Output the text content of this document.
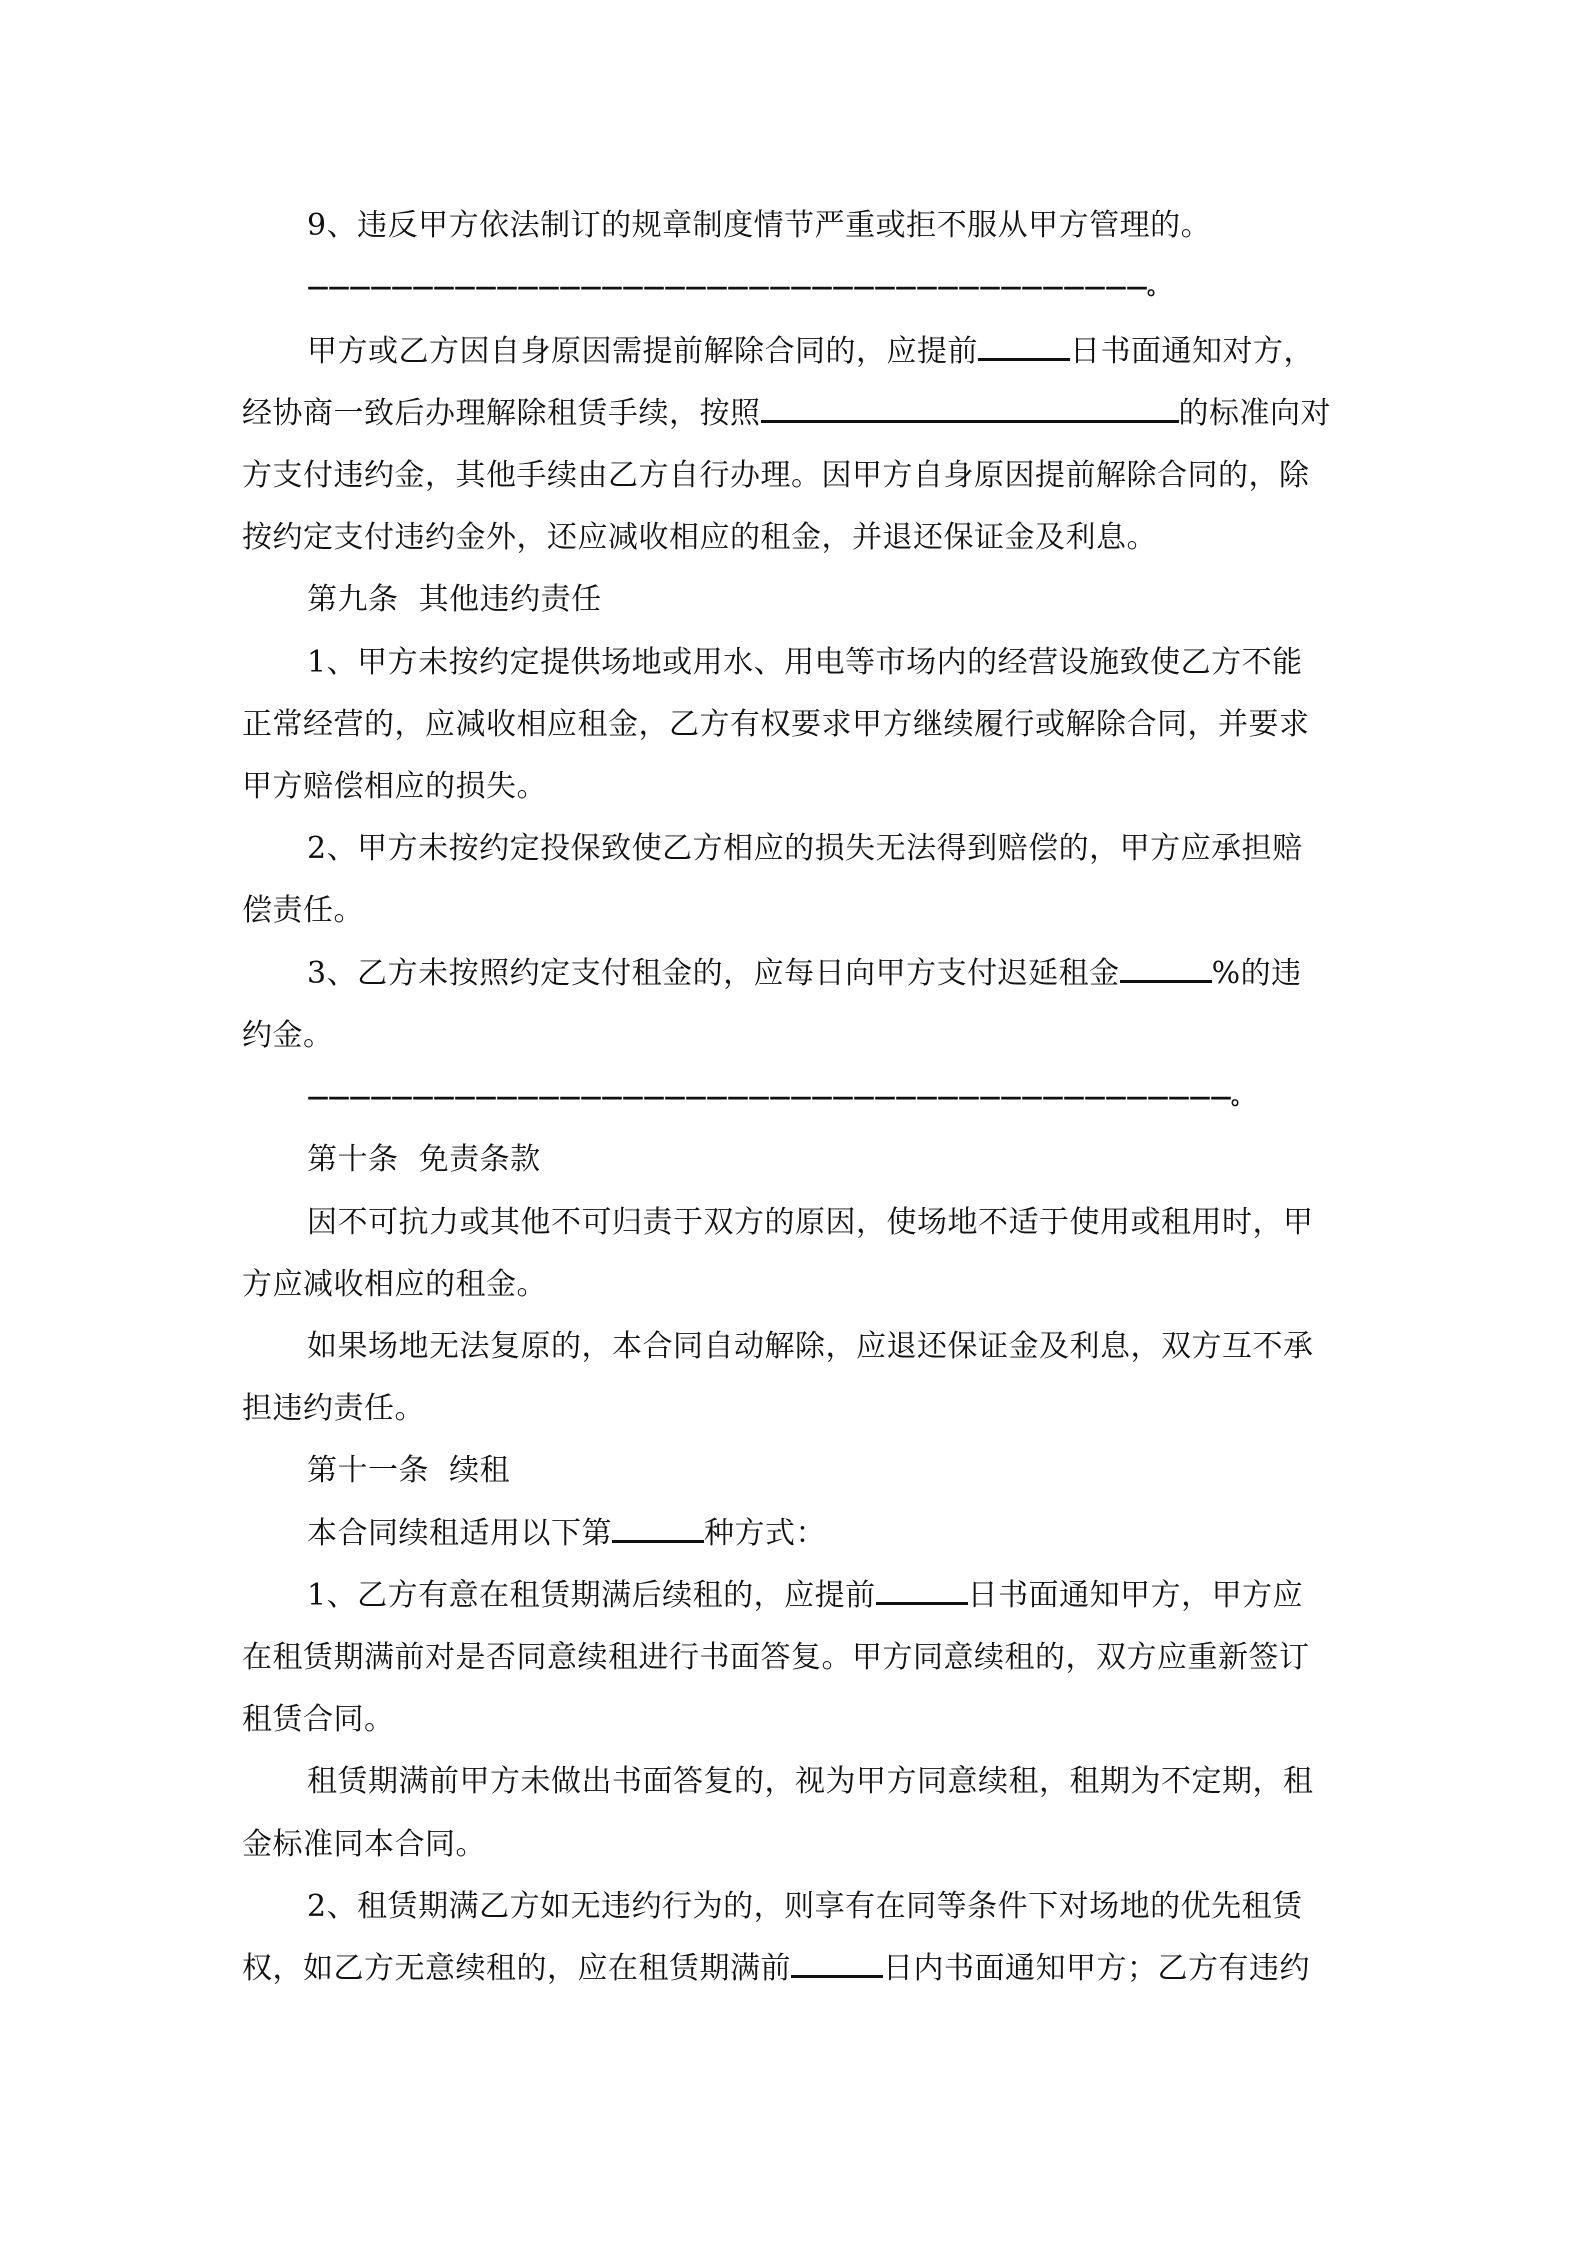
9、违反甲方依法制订的规章制度情节严重或拒不服从甲方管理的。
————————————————————————————————————————。
甲方或乙方因自身原因需提前解除合同的，应提前	日书面通知对方，
经协商一致后办理解除租赁手续，按照	的标准向对
方支付违约金，其他手续由乙方自行办理。因甲方自身原因提前解除合同的，除
按约定支付违约金外，还应减收相应的租金，并退还保证金及利息。
第九条  其他违约责任
1、甲方未按约定提供场地或用水、用电等市场内的经营设施致使乙方不能
正常经营的，应减收相应租金，乙方有权要求甲方继续履行或解除合同，并要求
甲方赔偿相应的损失。
2、甲方未按约定投保致使乙方相应的损失无法得到赔偿的，甲方应承担赔
偿责任。
3、乙方未按照约定支付租金的，应每日向甲方支付迟延租金	%的违
约金。
————————————————————————————————————————————。
第十条  免责条款
因不可抗力或其他不可归责于双方的原因，使场地不适于使用或租用时，甲
方应减收相应的租金。
如果场地无法复原的，本合同自动解除，应退还保证金及利息，双方互不承
担违约责任。
第十一条  续租
本合同续租适用以下第	种方式：
1、乙方有意在租赁期满后续租的，应提前	日书面通知甲方，甲方应
在租赁期满前对是否同意续租进行书面答复。甲方同意续租的，双方应重新签订
租赁合同。
租赁期满前甲方未做出书面答复的，视为甲方同意续租，租期为不定期，租
金标准同本合同。
2、租赁期满乙方如无违约行为的，则享有在同等条件下对场地的优先租赁
权，如乙方无意续租的，应在租赁期满前	日内书面通知甲方；乙方有违约
